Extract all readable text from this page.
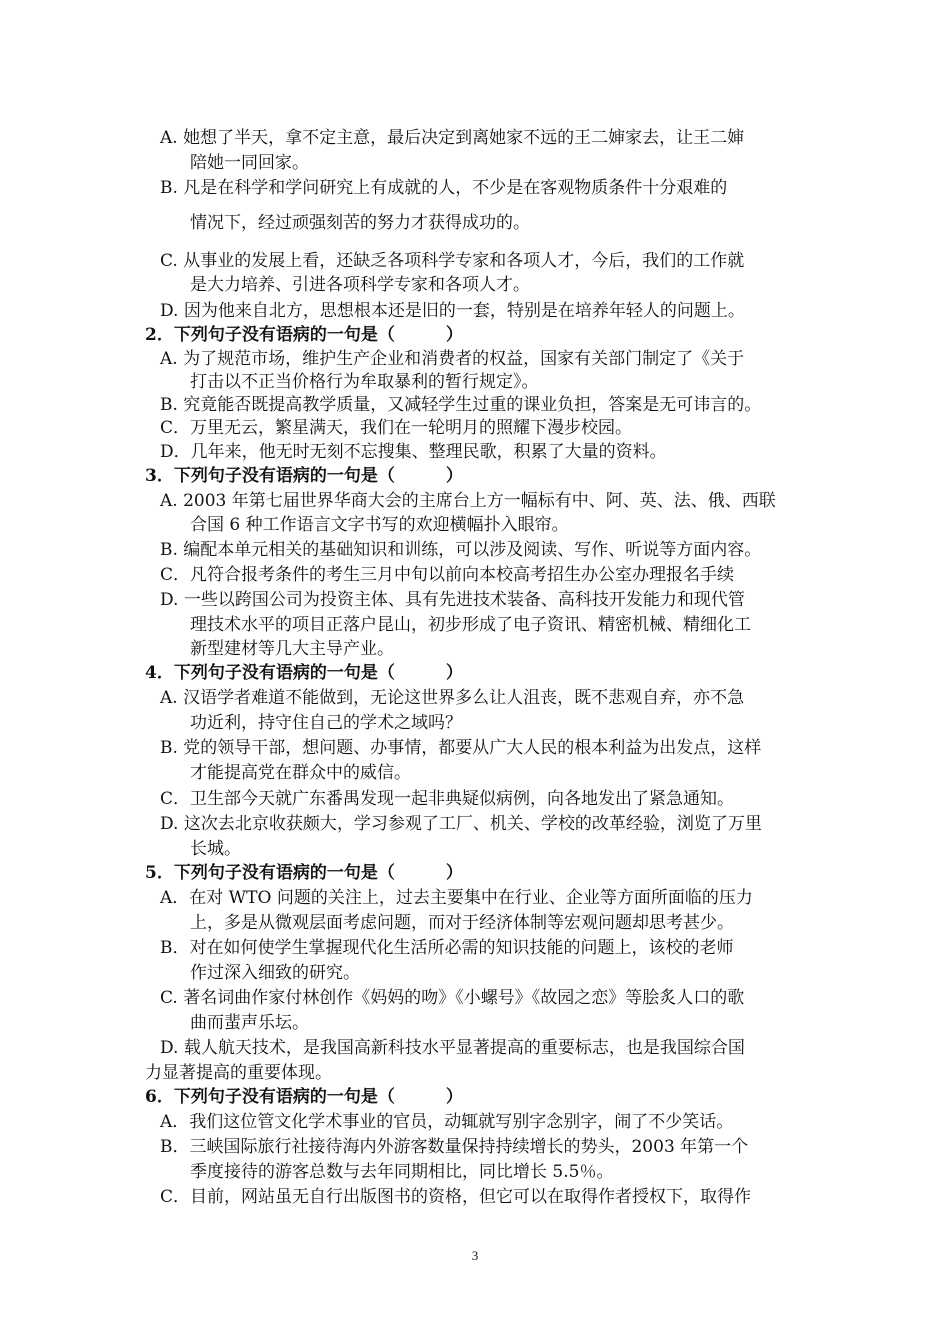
A. 她想了半天，拿不定主意，最后决定到离她家不远的王二婶家去，让王二婶
陪她一同回家。
B. 凡是在科学和学问研究上有成就的人，不少是在客观物质条件十分艰难的
情况下，经过顽强刻苦的努力才获得成功的。
C. 从事业的发展上看，还缺乏各项科学专家和各项人才，今后，我们的工作就
是大力培养、引进各项科学专家和各项人才。
D. 因为他来自北方，思想根本还是旧的一套，特别是在培养年轻人的问题上。
2．下列句子没有语病的一句是（　　　）
A. 为了规范市场，维护生产企业和消费者的权益，国家有关部门制定了《关于
打击以不正当价格行为牟取暴利的暂行规定》。
B. 究竟能否既提高教学质量，又减轻学生过重的课业负担，答案是无可讳言的。
C．万里无云，繁星满天，我们在一轮明月的照耀下漫步校园。
D．几年来，他无时无刻不忘搜集、整理民歌，积累了大量的资料。
3．下列句子没有语病的一句是（　　　）
A. 2003 年第七届世界华商大会的主席台上方一幅标有中、阿、英、法、俄、西联
合国 6 种工作语言文字书写的欢迎横幅扑入眼帘。
B. 编配本单元相关的基础知识和训练，可以涉及阅读、写作、听说等方面内容。
C．凡符合报考条件的考生三月中旬以前向本校高考招生办公室办理报名手续
D. 一些以跨国公司为投资主体、具有先进技术装备、高科技开发能力和现代管
理技术水平的项目正落户昆山，初步形成了电子资讯、精密机械、精细化工
新型建材等几大主导产业。
4．下列句子没有语病的一句是（　　　）
A. 汉语学者难道不能做到，无论这世界多么让人沮丧，既不悲观自弃，亦不急
功近利，持守住自己的学术之域吗？
B. 党的领导干部，想问题、办事情，都要从广大人民的根本利益为出发点，这样
才能提高党在群众中的威信。
C．卫生部今天就广东番禺发现一起非典疑似病例，向各地发出了紧急通知。
D. 这次去北京收获颇大，学习参观了工厂、机关、学校的改革经验，浏览了万里
长城。
5．下列句子没有语病的一句是（　　　）
A．在对 WTO 问题的关注上，过去主要集中在行业、企业等方面所面临的压力
上，多是从微观层面考虑问题，而对于经济体制等宏观问题却思考甚少。
B．对在如何使学生掌握现代化生活所必需的知识技能的问题上，该校的老师
作过深入细致的研究。
C. 著名词曲作家付林创作《妈妈的吻》《小螺号》《故园之恋》等脍炙人口的歌
曲而蜚声乐坛。
D. 载人航天技术，是我国高新科技水平显著提高的重要标志，也是我国综合国
力显著提高的重要体现。
6．下列句子没有语病的一句是（　　　）
A．我们这位管文化学术事业的官员，动辄就写别字念别字，闹了不少笑话。
B．三峡国际旅行社接待海内外游客数量保持持续增长的势头，2003 年第一个
季度接待的游客总数与去年同期相比，同比增长 5.5％。
C．目前，网站虽无自行出版图书的资格，但它可以在取得作者授权下，取得作
3
